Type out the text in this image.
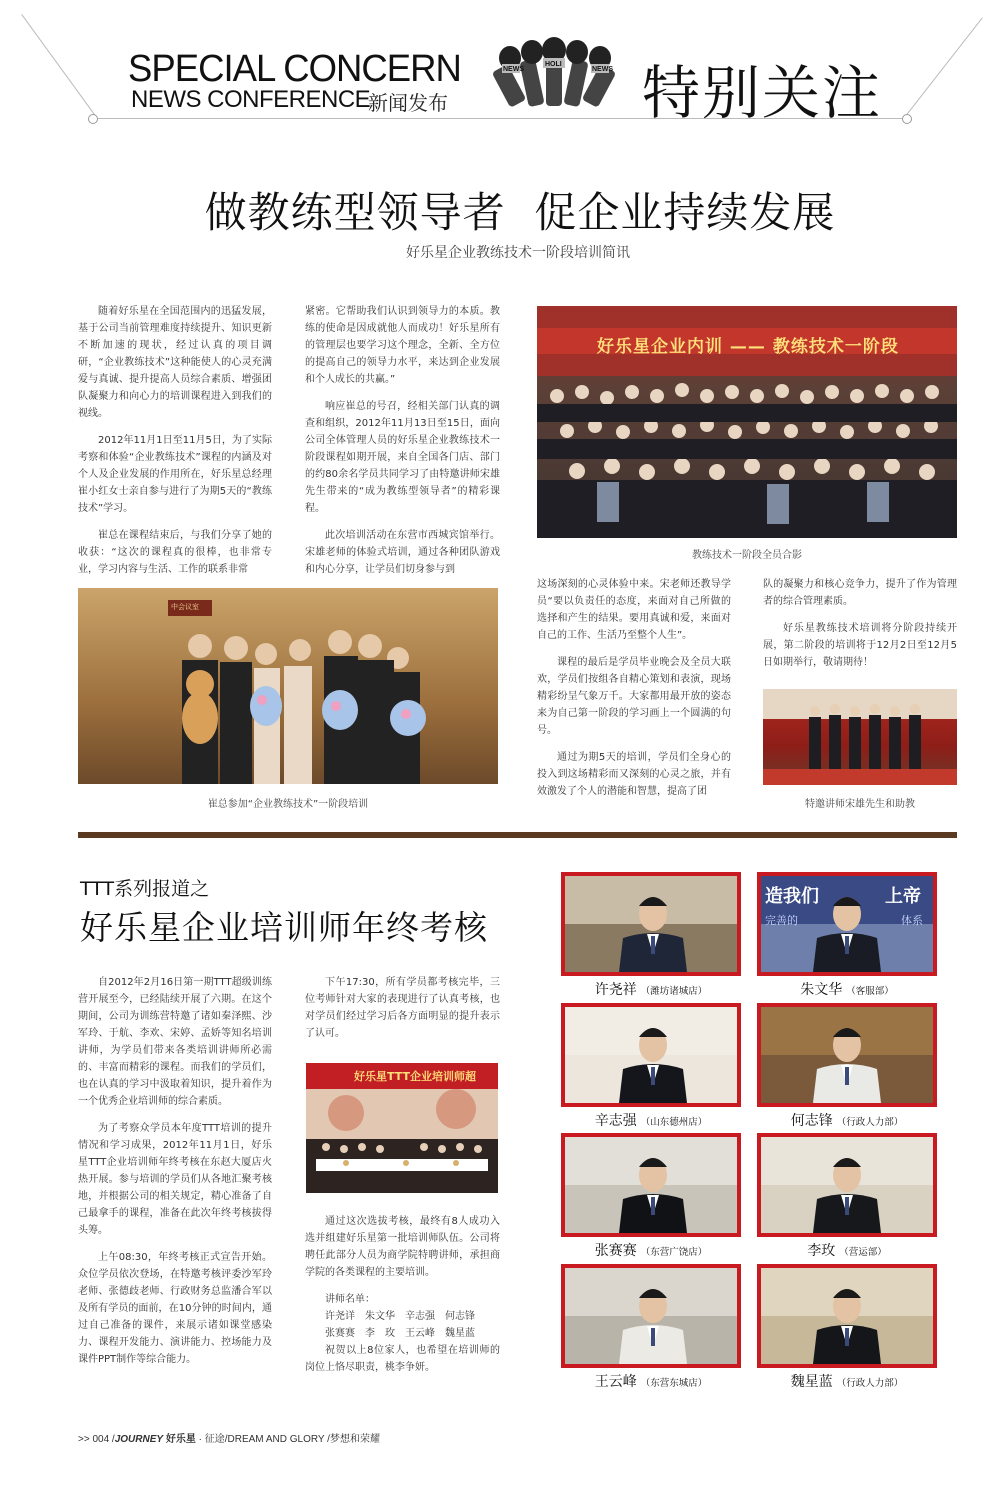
SPECIAL CONCERN
NEWS CONFERENCE
新闻发布
NEWS
HOLI
NEWS 特别关注
做教练型领导者  促企业持续发展
好乐星企业教练技术一阶段培训简讯

随着好乐星在全国范围内的迅猛发展，基于公司当前管理难度持续提升、知识更新不断加速的现状，经过认真的项目调研，“企业教练技术”这种能使人的心灵充满爱与真诚、提升提高人员综合素质、增强团队凝聚力和向心力的培训课程进入到我们的视线。

2012年11月1日至11月5日，为了实际考察和体验“企业教练技术”课程的内涵及对个人及企业发展的作用所在，好乐星总经理崔小红女士亲自参与进行了为期5天的“教练技术”学习。

崔总在课程结束后，与我们分享了她的收获：“这次的课程真的很棒，也非常专业，学习内容与生活、工作的联系非常

紧密。它帮助我们认识到领导力的本质。教练的使命是因成就他人而成功！好乐星所有的管理层也要学习这个理念，全新、全方位的提高自己的领导力水平，来达到企业发展和个人成长的共赢。”

响应崔总的号召，经相关部门认真的调查和组织，2012年11月13日至15日，面向公司全体管理人员的好乐星企业教练技术一阶段课程如期开展，来自全国各门店、部门的约80余名学员共同学习了由特邀讲师宋雄先生带来的“成为教练型领导者”的精彩课程。

此次培训活动在东营市西城宾馆举行。宋雄老师的体验式培训，通过各种团队游戏和内心分享，让学员们切身参与到

好乐星企业内训 —— 教练技术一阶段
教练技术一阶段全员合影
中会议室
崔总参加“企业教练技术”一阶段培训

这场深刻的心灵体验中来。宋老师还教导学员“要以负责任的态度，来面对自己所做的选择和产生的结果。要用真诚和爱，来面对自己的工作、生活乃至整个人生”。

课程的最后是学员毕业晚会及全员大联欢，学员们按组各自精心策划和表演，现场精彩纷呈气象万千。大家都用最开放的姿态来为自己第一阶段的学习画上一个圆满的句号。

通过为期5天的培训，学员们全身心的投入到这场精彩而又深刻的心灵之旅，并有效激发了个人的潜能和智慧，提高了团

队的凝聚力和核心竞争力，提升了作为管理者的综合管理素质。

好乐星教练技术培训将分阶段持续开展，第二阶段的培训将于12月2日至12月5日如期举行，敬请期待！

特邀讲师宋雄先生和助教
TTT系列报道之
好乐星企业培训师年终考核

自2012年2月16日第一期TTT超级训练营开展至今，已经陆续开展了六期。在这个期间，公司为训练营特邀了诸如秦泽熙、沙军玲、于航、李欢、宋婷、孟娇等知名培训讲师，为学员们带来各类培训讲师所必需的、丰富而精彩的课程。而我们的学员们，也在认真的学习中汲取着知识，提升着作为一个优秀企业培训师的综合素质。

为了考察众学员本年度TTT培训的提升情况和学习成果，2012年11月1日，好乐星TTT企业培训师年终考核在东赵大厦店火热开展。参与培训的学员们从各地汇聚考核地，并根据公司的相关规定，精心准备了自己最拿手的课程，准备在此次年终考核拔得头筹。

上午08:30，年终考核正式宣告开始。众位学员依次登场，在特邀考核评委沙军玲老师、张德歧老师、行政财务总监潘合军以及所有学员的面前，在10分钟的时间内，通过自己准备的课件，来展示诸如课堂感染力、课程开发能力、演讲能力、控场能力及课件PPT制作等综合能力。

下午17:30，所有学员都考核完毕，三位考师针对大家的表现进行了认真考核，也对学员们经过学习后各方面明显的提升表示了认可。

好乐星TTT企业培训师超

通过这次选拔考核，最终有8人成功入选并组建好乐星第一批培训师队伍。公司将聘任此部分人员为商学院特聘讲师，承担商学院的各类课程的主要培训。

讲师名单：

许尧详　朱文华　辛志强　何志锋

张赛赛　李　玫　王云峰　魏星蓝

祝贺以上8位家人，也希望在培训师的岗位上恪尽职责，桃李争妍。

许尧祥 （潍坊诸城店）
造我们	上帝
完善的	体系
朱文华 （客服部）
辛志强 （山东德州店）	何志锋 （行政人力部）
张赛赛 （东营广饶店）	李玫 （营运部）
王云峰 （东营东城店）	魏星蓝 （行政人力部）
>> 004 /JOURNEY 好乐星 · 征途/DREAM AND GLORY /梦想和荣耀
